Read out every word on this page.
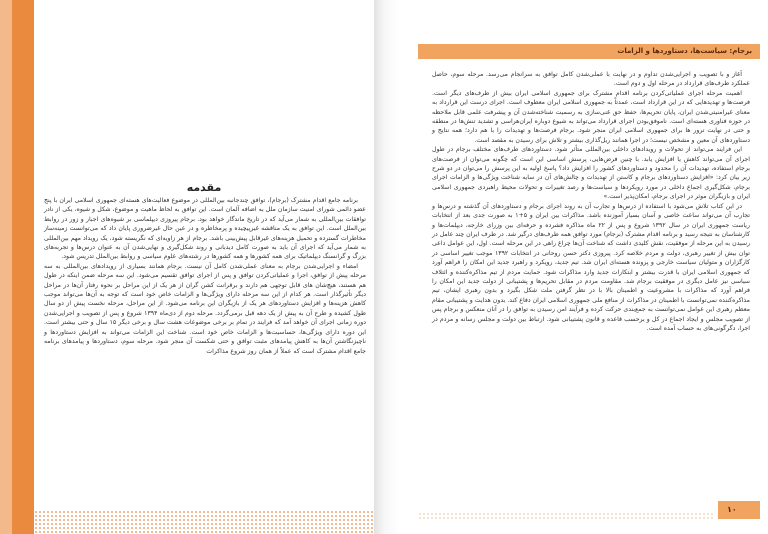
مقدمه

برنامه جامع اقدام مشترک (برجام)، توافق چندجانبه بین‌المللی در موضوع فعالیت‌های هسته‌ای جمهوری اسلامی ایران با پنج عضو دائمی شورای امنیت سازمان ملل به اضافه آلمان است. این توافق به لحاظ ماهیت و موضوع، شکل و شیوه، یکی از نادر توافقات بین‌المللی به شمار می‌آید که در تاریخ ماندگار خواهد بود. برجام پیروزی دیپلماسی بر شیوه‌های اجبار و زور در روابط بین‌الملل است. این توافق به یک مناقشه غیرپیچیده و پرمخاطره و در عین حال غیرضروری پایان داد که می‌توانست زمینه‌ساز مخاطرات گسترده و تحمیل هزینه‌های غیرقابل پیش‌بینی باشد. برجام از هر زاویه‌ای که نگریسته شود، یک رویداد مهم بین‌المللی به شمار می‌آید که اجرای آن باید به صورت کامل دیدبانی و روند شکل‌گیری و نهایی‌شدن آن به عنوان درس‌ها و تجربه‌های بزرگ و گرانسنگ دیپلماتیک برای همه کشورها و همه کشورها در رشته‌های علوم سیاسی و روابط بین‌الملل تدریس شود.

امضاء و اجرایی‌شدن برجام به معنای عملی‌شدن کامل آن نیست. برجام همانند بسیاری از رویدادهای بین‌المللی به سه مرحله پیش از توافق، اجرا و عملیاتی‌کردن توافق و پس از اجرای توافق تقسیم می‌شود. این سه مرحله ضمن اینکه در طول هم هستند، هیچ‌شان های قابل توجهی هم دارند و برقرانت کشن گران از هر یک از این مراحل بر نحوه رفتار آن‌ها در مراحل دیگر تأثیرگذار است. هر کدام از این سه مرحله دارای ویژگی‌ها و الزامات خاص خود است که توجه به آن‌ها می‌تواند موجب کاهش هزینه‌ها و افزایش دستاوردهای هر یک از بازیگران این برنامه می‌شود. از این مراحل، مرحله نخست پیش از دو سال طول کشیده و طرح آن به پیش از یک دهه قبل برمی‌گردد. مرحله دوم از دی‌ماه ۱۳۹۴ شروع و پس از تصویب و اجرایی‌شدن دوره زمانی اجرای آن خواهد آمد که فرایند در تمام بر برخی موضوعات هشت سال و برخی دیگر ۱۵ سال و حتی بیشتر است. این دوره دارای ویژگی‌ها، حساسیت‌ها و الزامات خاص خود است. شناخت این الزامات می‌تواند به افزایش دستاوردها و ناچیزنگاشتن آن‌ها به کاهش پیامدهای مثبت توافق و حتی شکست آن منجر شود. مرحله سوم، دستاوردها و پیامدهای برنامه جامع اقدام مشترک است که عملاً از همان روز شروع مذاکرات

برجام: سیاست‌ها، دستاوردها و الزامات

آغاز و با تصویب و اجرایی‌شدن تداوم و در نهایت با عملی‌شدن کامل توافق به سرانجام می‌رسد. مرحله سوم، حاصل عملکرد طرف‌های قرارداد در مرحله اول و دوم است.

اهمیت مرحله اجرای عملیاتی‌کردن برنامه اقدام مشترک برای جمهوری اسلامی ایران بیش از طرف‌های دیگر است. فرصت‌ها و تهدیدهایی که در این قرارداد است، عمدتاً به جمهوری اسلامی ایران معطوف است. اجرای درست این قرارداد به معنای غیرامنیتی‌شدن ایران، پایان تحریم‌ها، حفظ حق غنی‌سازی به رسمیت شناخته‌شدن آن و پیشرفت علمی قابل ملاحظه در حوزه فناوری هسته‌ای است. ناموفق‌بودن اجرای قرارداد می‌تواند به شیوع دوباره ایران‌هراسی و تشدید تنش‌ها در منطقه و حتی در نهایت ترور ها برای جمهوری اسلامی ایران منجر شود. برجام فرصت‌ها و تهدیدات را با هم دارد؛ همه نتایج و دستاوردهای آن معین و مشخص نیست؛ در اجرا همانند ریل‌گذاری بیشتر و تلاش برای رسیدن به مقصد است.

این فرایند می‌تواند از تحولات و رویدادهای داخلی بین‌المللی متأثر شود. دستاوردهای طرف‌های مختلف برجام در طول اجرای آن می‌تواند کاهش یا افزایش یابد. با چنین فرض‌هایی، پرسش اساسی این است که چگونه می‌توان از فرصت‌های برجام استفاده، تهدیدات آن را محدود و دستاوردهای کشور را افزایش داد؟ پاسخ اولیه به این پرسش را می‌توان در دو شرح زیر بیان کرد: «افزایش دستاوردهای برجام و کاستن از تهدیدات و چالش‌های آن در سایه شناخت ویژگی‌ها و الزامات اجرای برجام، شکل‌گیری اجماع داخلی در مورد رویکردها و سیاست‌ها و رصد تغییرات و تحولات محیط راهبردی جمهوری اسلامی ایران و بازیگران موثر در اجرای برجام، امکان‌پذیر است.»

در این کتاب تلاش می‌شود با استفاده از درس‌ها و تجارب آن به روند اجرای برجام و دستاوردهای آن گذشته و درس‌ها و تجارب آن می‌تواند ساعت خاصی و آسان بسیار آموزنده باشد. مذاکرات بین ایران و ۵+۱ به صورت جدی بعد از انتخابات ریاست جمهوری ایران در سال ۱۳۹۲ شروع و پس از ۲۲ ماه مذاکره فشرده و حرفه‌ای بین وزرای خارجه، دیپلمات‌ها و کارشناسان به نتیجه رسید و برنامه اقدام مشترک (برجام) مورد توافق همه طرف‌های درگیر شد. در طرف ایران چند عامل در رسیدن به این مرحله از موفقیت، نقش کلیدی داشت که شناخت آن‌ها چراغ راهی در این مرحله است. اول، این عوامل داعی توان بیش از تغییر رهبری، دولت و مردم خلاصه کرد. پیروزی دکتر حسن روحانی در انتخابات ۱۳۹۲ موجب تغییر اساسی در کارگزاران و متولیان سیاست خارجی و پرونده هسته‌ای ایران شد. تیم جدید، رویکرد و راهبرد جدید این امکان را فراهم آورد که جمهوری اسلامی ایران با قدرت بیشتر و ابتکارات جدید وارد مذاکرات شود. حمایت مردم از تیم مذاکره‌کننده و ائتلاف سیاسی نیز عامل دیگری در موفقیت برجام شد. مقاومت مردم در مقابل تحریم‌ها و پشتیبانی از دولت جدید این امکان را فراهم آورد که مذاکرات با مشروعیت و اطمینان بالا با در نظر گرفتن ملت شکل بگیرد و بدون رهبری ایشان، تیم مذاکره‌کننده نمی‌توانست با اطمینان در مذاکرات از منافع ملی جمهوری اسلامی ایران دفاع کند. بدون هدایت و پشتیبانی مقام معظم رهبری این عوامل نمی‌توانست به جمع‌بندی حرکت کرده و فرآیند امن رسیدن به توافق را در آنان منعکس و برجام پس از تصویب مجلس و ایجاد اجماع در کل و برحسب قاعده و قانون پشتیبانی شود. ارتباط بین دولت و مجلس رسانه و مردم در اجرا، دگرگونی‌های به حساب آمده است.

۱۰
